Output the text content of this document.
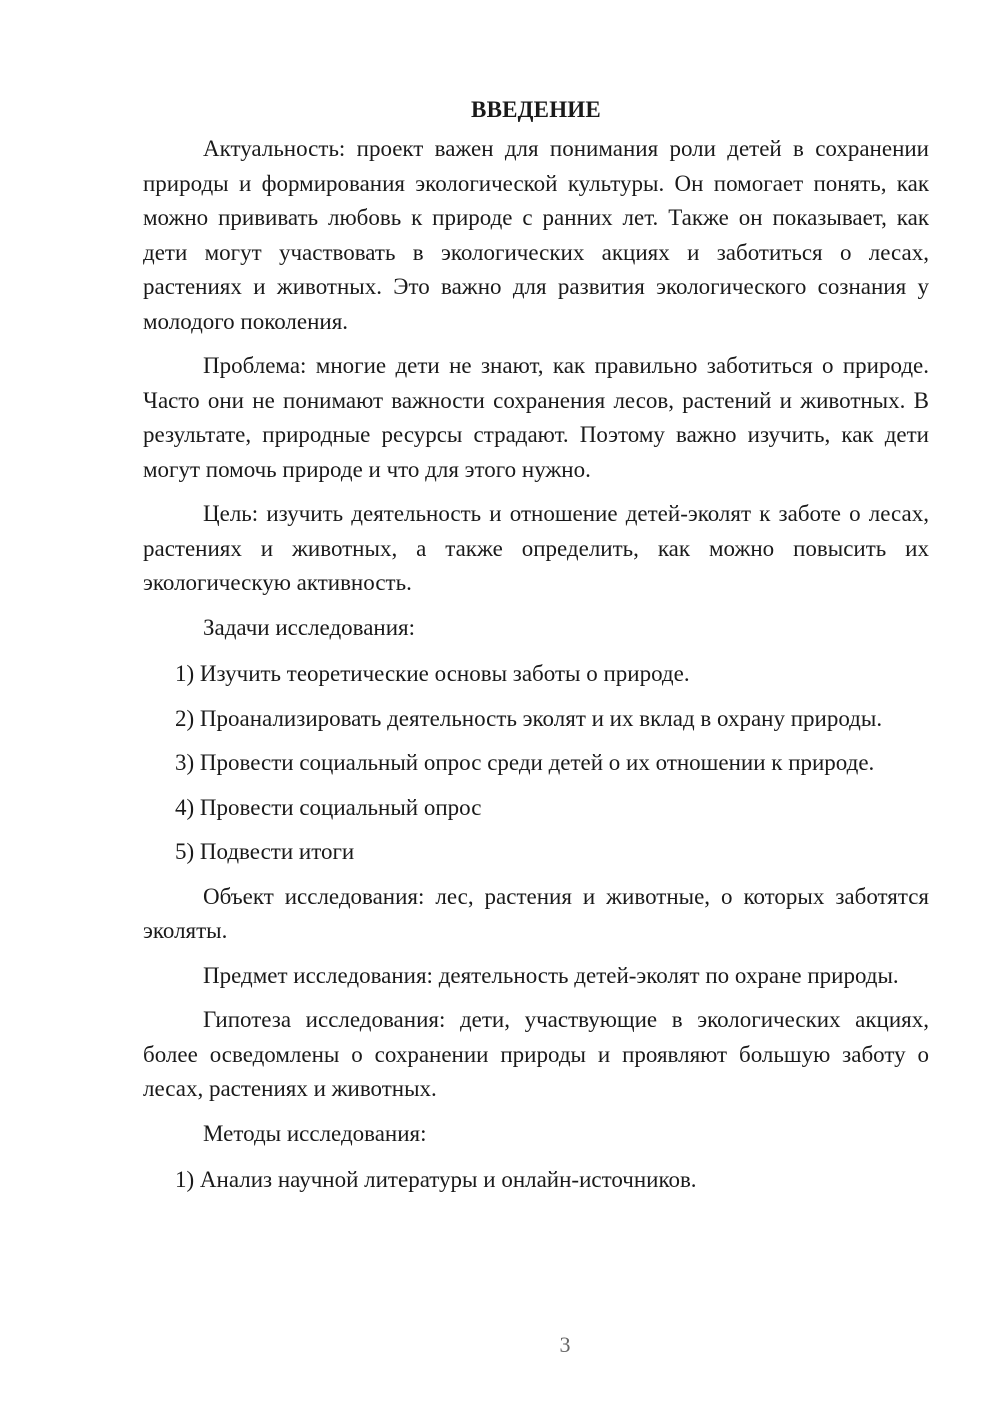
ВВЕДЕНИЕ

Актуальность: проект важен для понимания роли детей в сохранении природы и формирования экологической культуры. Он помогает понять, как можно прививать любовь к природе с ранних лет. Также он показывает, как дети могут участвовать в экологических акциях и заботиться о лесах, растениях и животных. Это важно для развития экологического сознания у молодого поколения.

Проблема: многие дети не знают, как правильно заботиться о природе. Часто они не понимают важности сохранения лесов, растений и животных. В результате, природные ресурсы страдают. Поэтому важно изучить, как дети могут помочь природе и что для этого нужно.

Цель: изучить деятельность и отношение детей-эколят к заботе о лесах, растениях и животных, а также определить, как можно повысить их экологическую активность.

Задачи исследования:

1) Изучить теоретические основы заботы о природе.

2) Проанализировать деятельность эколят и их вклад в охрану природы.

3) Провести социальный опрос среди детей о их отношении к природе.

4) Провести социальный опрос

5) Подвести итоги

Объект исследования: лес, растения и животные, о которых заботятся эколяты.

Предмет исследования: деятельность детей-эколят по охране природы.

Гипотеза исследования: дети, участвующие в экологических акциях, более осведомлены о сохранении природы и проявляют большую заботу о лесах, растениях и животных.

Методы исследования:

1) Анализ научной литературы и онлайн-источников.

3
